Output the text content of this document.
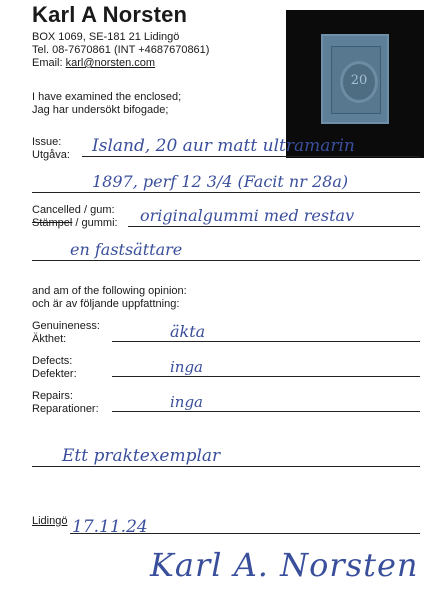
Karl A Norsten
BOX 1069, SE-181 21 Lidingö
Tel. 08-7670861 (INT +4687670861)
Email: karl@norsten.com
20
I have examined the enclosed;
Jag har undersökt bifogade;
Issue:
Utgåva: Island, 20 aur matt ultramarin
1897, perf 12 3/4 (Facit nr 28a)
Cancelled / gum:
Stämpel / gummi: originalgummi med restav
en fastsättare
and am of the following opinion:
och är av följande uppfattning:
Genuineness:
Äkthet:	äkta
Defects:
Defekter:	inga
Repairs:
Reparationer:	inga
Ett praktexemplar
Lidingö 17.11.24
Karl A. Norsten
